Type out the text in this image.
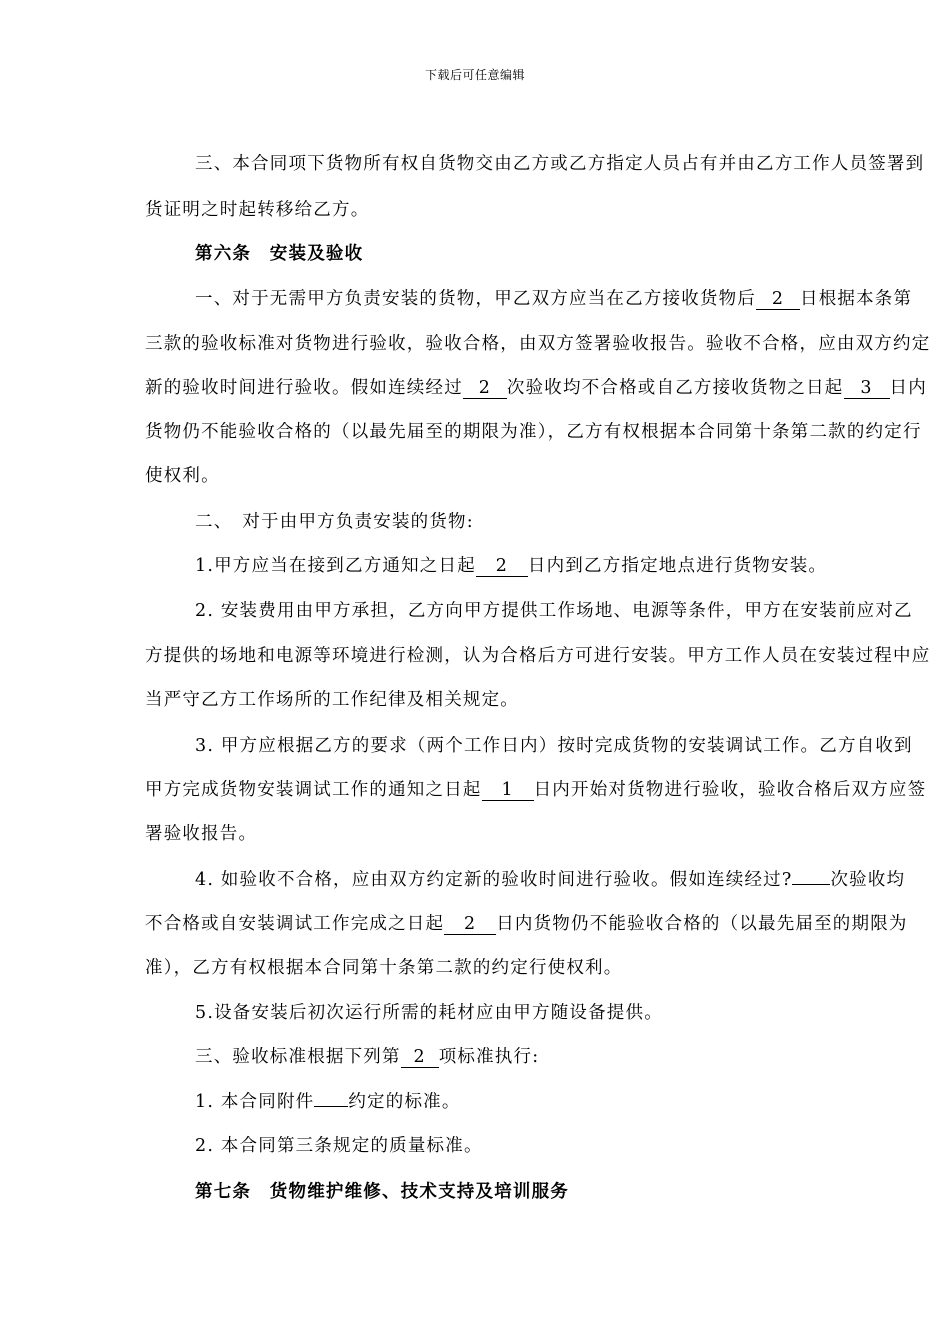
下载后可任意编辑
三、本合同项下货物所有权自货物交由乙方或乙方指定人员占有并由乙方工作人员签署到
货证明之时起转移给乙方。
第六条　安装及验收
一、对于无需甲方负责安装的货物，甲乙双方应当在乙方接收货物后 2 日根据本条第
三款的验收标准对货物进行验收，验收合格，由双方签署验收报告。验收不合格，应由双方约定
新的验收时间进行验收。假如连续经过 2 次验收均不合格或自乙方接收货物之日起 3 日内
货物仍不能验收合格的（以最先届至的期限为准），乙方有权根据本合同第十条第二款的约定行
使权利。
二、　对于由甲方负责安装的货物:
1.甲方应当在接到乙方通知之日起 2 日内到乙方指定地点进行货物安装。
2. 安装费用由甲方承担，乙方向甲方提供工作场地、电源等条件，甲方在安装前应对乙
方提供的场地和电源等环境进行检测，认为合格后方可进行安装。甲方工作人员在安装过程中应
当严守乙方工作场所的工作纪律及相关规定。
3. 甲方应根据乙方的要求（两个工作日内）按时完成货物的安装调试工作。乙方自收到
甲方完成货物安装调试工作的通知之日起 1 日内开始对货物进行验收，验收合格后双方应签
署验收报告。
4. 如验收不合格，应由双方约定新的验收时间进行验收。假如连续经过? 次验收均
不合格或自安装调试工作完成之日起 2 日内货物仍不能验收合格的（以最先届至的期限为
准），乙方有权根据本合同第十条第二款的约定行使权利。
5.设备安装后初次运行所需的耗材应由甲方随设备提供。
三、验收标准根据下列第 2 项标准执行:
1. 本合同附件 约定的标准。
2. 本合同第三条规定的质量标准。
第七条　货物维护维修、技术支持及培训服务
